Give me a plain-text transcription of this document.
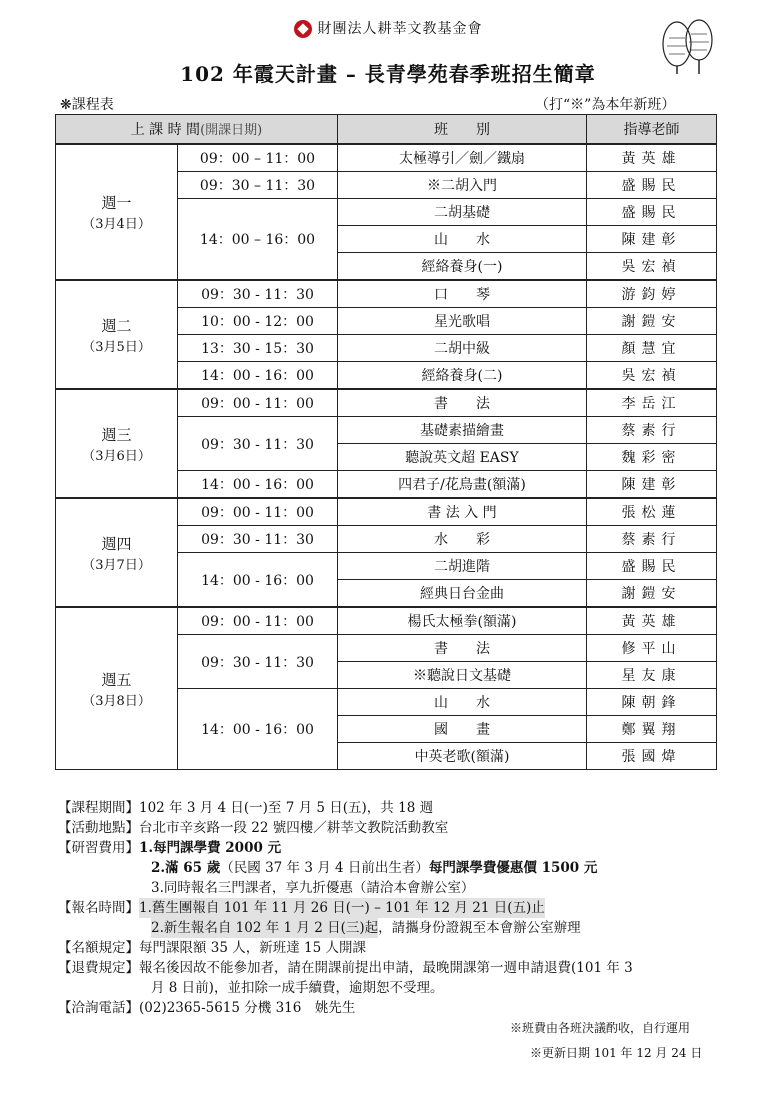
財團法人耕莘文教基金會
102 年霞天計畫 – 長青學苑春季班招生簡章
❋課程表	（打“※”為本年新班）
上 課 時 間(開課日期)		班　　別	指導老師

週一
（3月4日）	09：00 – 11：00	太極導引／劍／鐵扇	黃英雄
	09：30 – 11：30	※二胡入門	盛賜民
	14：00 – 16：00	二胡基礎	盛賜民
		山　　水	陳建彰
		經絡養身(一)	吳宏禎

週二
（3月5日）	09：30 - 11：30	口　　琴	游鈞婷
	10：00 - 12：00	星光歌唱	謝鎧安
	13：30 - 15：30	二胡中級	顏慧宜
	14：00 - 16：00	經絡養身(二)	吳宏禎

週三
（3月6日）	09：00 - 11：00	書　　法	李岳江
	09：30 - 11：30	基礎素描繪畫	蔡素行
		聽說英文超 EASY	魏彩密
	14：00 - 16：00	四君子/花鳥畫(額滿)	陳建彰

週四
（3月7日）	09：00 - 11：00	書 法 入 門	張松蓮
	09：30 - 11：30	水　　彩	蔡素行
	14：00 - 16：00	二胡進階	盛賜民
		經典日台金曲	謝鎧安

週五
（3月8日）	09：00 - 11：00	楊氏太極拳(額滿)	黃英雄
	09：30 - 11：30	書　　法	修平山
		※聽說日文基礎	星友康
	14：00 - 16：00	山　　水	陳朝鋒
		國　　畫	鄭翼翔
		中英老歌(額滿)	張國煒
【課程期間】 102 年 3 月 4 日(一)至 7 月 5 日(五)，共 18 週
【活動地點】 台北市辛亥路一段 22 號四樓／耕莘文教院活動教室
【研習費用】 1.每門課學費 2000 元
2.滿 65 歲 （民國 37 年 3 月 4 日前出生者） 每門課學費優惠價 1500 元
3.同時報名三門課者，享九折優惠（請洽本會辦公室）
【報名時間】 1.舊生團報自 101 年 11 月 26 日(一) – 101 年 12 月 21 日(五)止
2.新生報名自 102 年 1 月 2 日(三)起 ，請攜身份證親至本會辦公室辦理
【名額規定】 每門課限額 35 人，新班達 15 人開課
【退費規定】 報名後因故不能參加者，請在開課前提出申請，最晚開課第一週申請退費(101 年 3
月 8 日前)，並扣除一成手續費，逾期恕不受理。
【洽詢電話】 (02)2365-5615 分機 316　姚先生
※班費由各班決議酌收，自行運用
※更新日期 101 年 12 月 24 日
